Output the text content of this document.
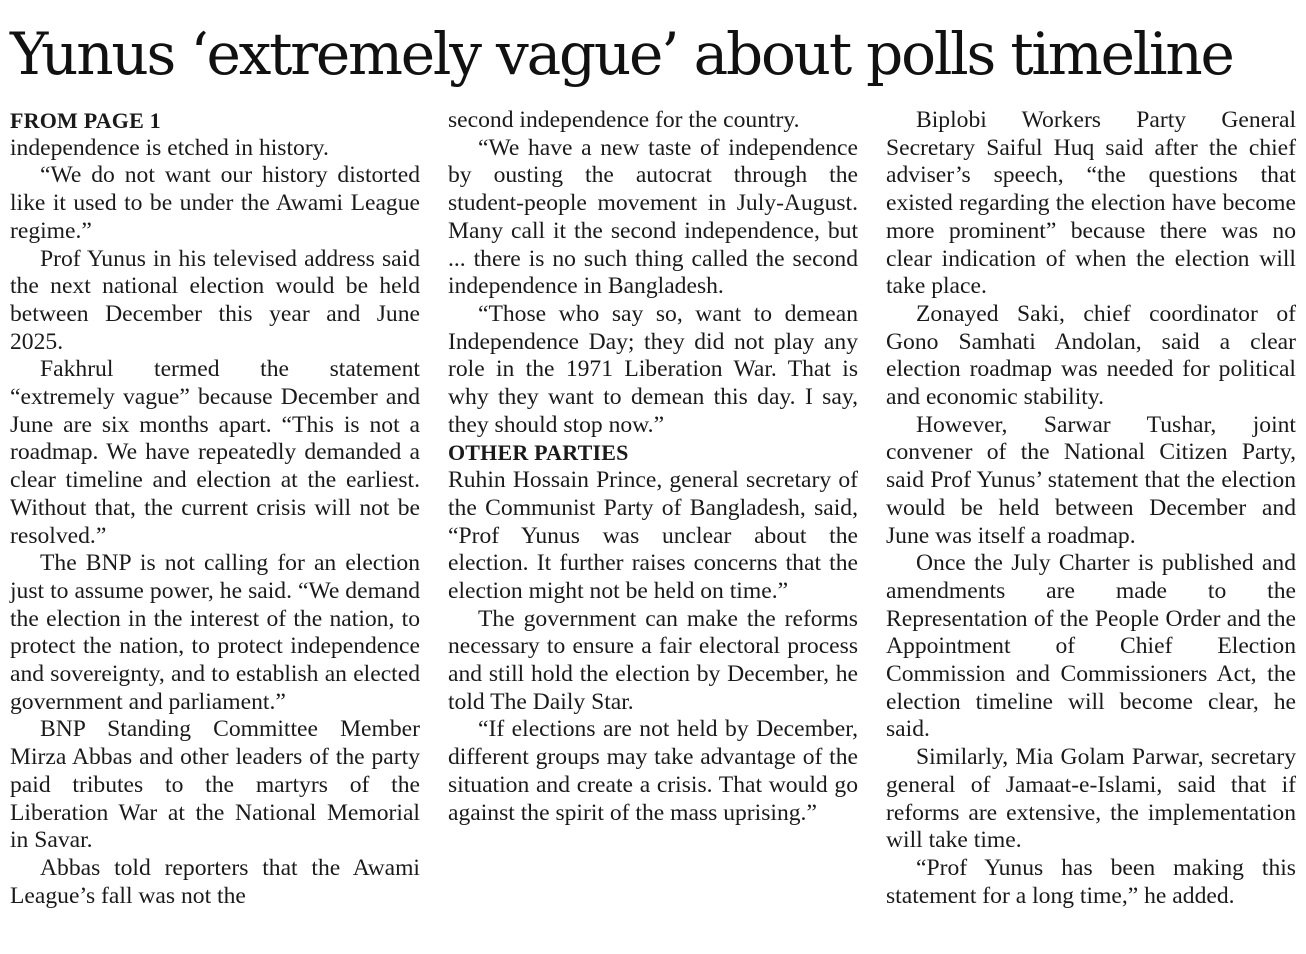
Yunus ‘extremely vague’ about polls timeline
FROM PAGE 1

independence is etched in history.

“We do not want our history distorted like it used to be under the Awami League regime.”

Prof Yunus in his televised address said the next national election would be held between December this year and June 2025.

Fakhrul termed the statement “extremely vague” because December and June are six months apart. “This is not a roadmap. We have repeatedly demanded a clear timeline and election at the earliest. Without that, the current crisis will not be resolved.”

The BNP is not calling for an election just to assume power, he said. “We demand the election in the interest of the nation, to protect the nation, to protect independence and sovereignty, and to establish an elected government and parliament.”

BNP Standing Committee Member Mirza Abbas and other leaders of the party paid tributes to the martyrs of the Liberation War at the National Memorial in Savar.

Abbas told reporters that the Awami League’s fall was not the

second independence for the country.

“We have a new taste of independence by ousting the autocrat through the student-people movement in July-August. Many call it the second independence, but ... there is no such thing called the second independence in Bangladesh.

“Those who say so, want to demean Independence Day; they did not play any role in the 1971 Liberation War. That is why they want to demean this day. I say, they should stop now.”

OTHER PARTIES

Ruhin Hossain Prince, general secretary of the Communist Party of Bangladesh, said, “Prof Yunus was unclear about the election. It further raises concerns that the election might not be held on time.”

The government can make the reforms necessary to ensure a fair electoral process and still hold the election by December, he told The Daily Star.

“If elections are not held by December, different groups may take advantage of the situation and create a crisis. That would go against the spirit of the mass uprising.”

Biplobi Workers Party General Secretary Saiful Huq said after the chief adviser’s speech, “the questions that existed regarding the election have become more prominent” because there was no clear indication of when the election will take place.

Zonayed Saki, chief coordinator of Gono Samhati Andolan, said a clear election roadmap was needed for political and economic stability.

However, Sarwar Tushar, joint convener of the National Citizen Party, said Prof Yunus’ statement that the election would be held between December and June was itself a roadmap.

Once the July Charter is published and amendments are made to the Representation of the People Order and the Appointment of Chief Election Commission and Commissioners Act, the election timeline will become clear, he said.

Similarly, Mia Golam Parwar, secretary general of Jamaat-e-Islami, said that if reforms are extensive, the implementation will take time.

“Prof Yunus has been making this statement for a long time,” he added.
